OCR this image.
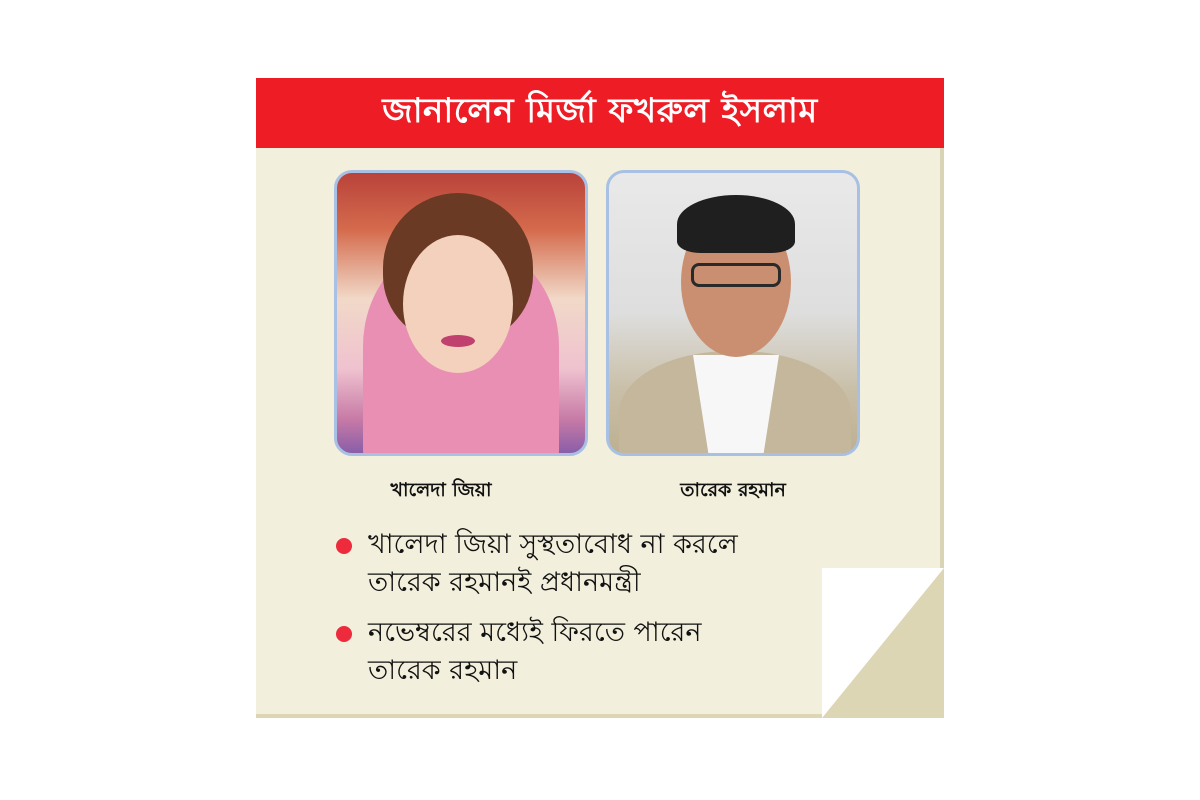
জানালেন মির্জা ফখরুল ইসলাম
খালেদা জিয়া	তারেক রহমান
খালেদা জিয়া সুস্থতাবোধ না করলে
তারেক রহমানই প্রধানমন্ত্রী
নভেম্বরের মধ্যেই ফিরতে পারেন
তারেক রহমান
